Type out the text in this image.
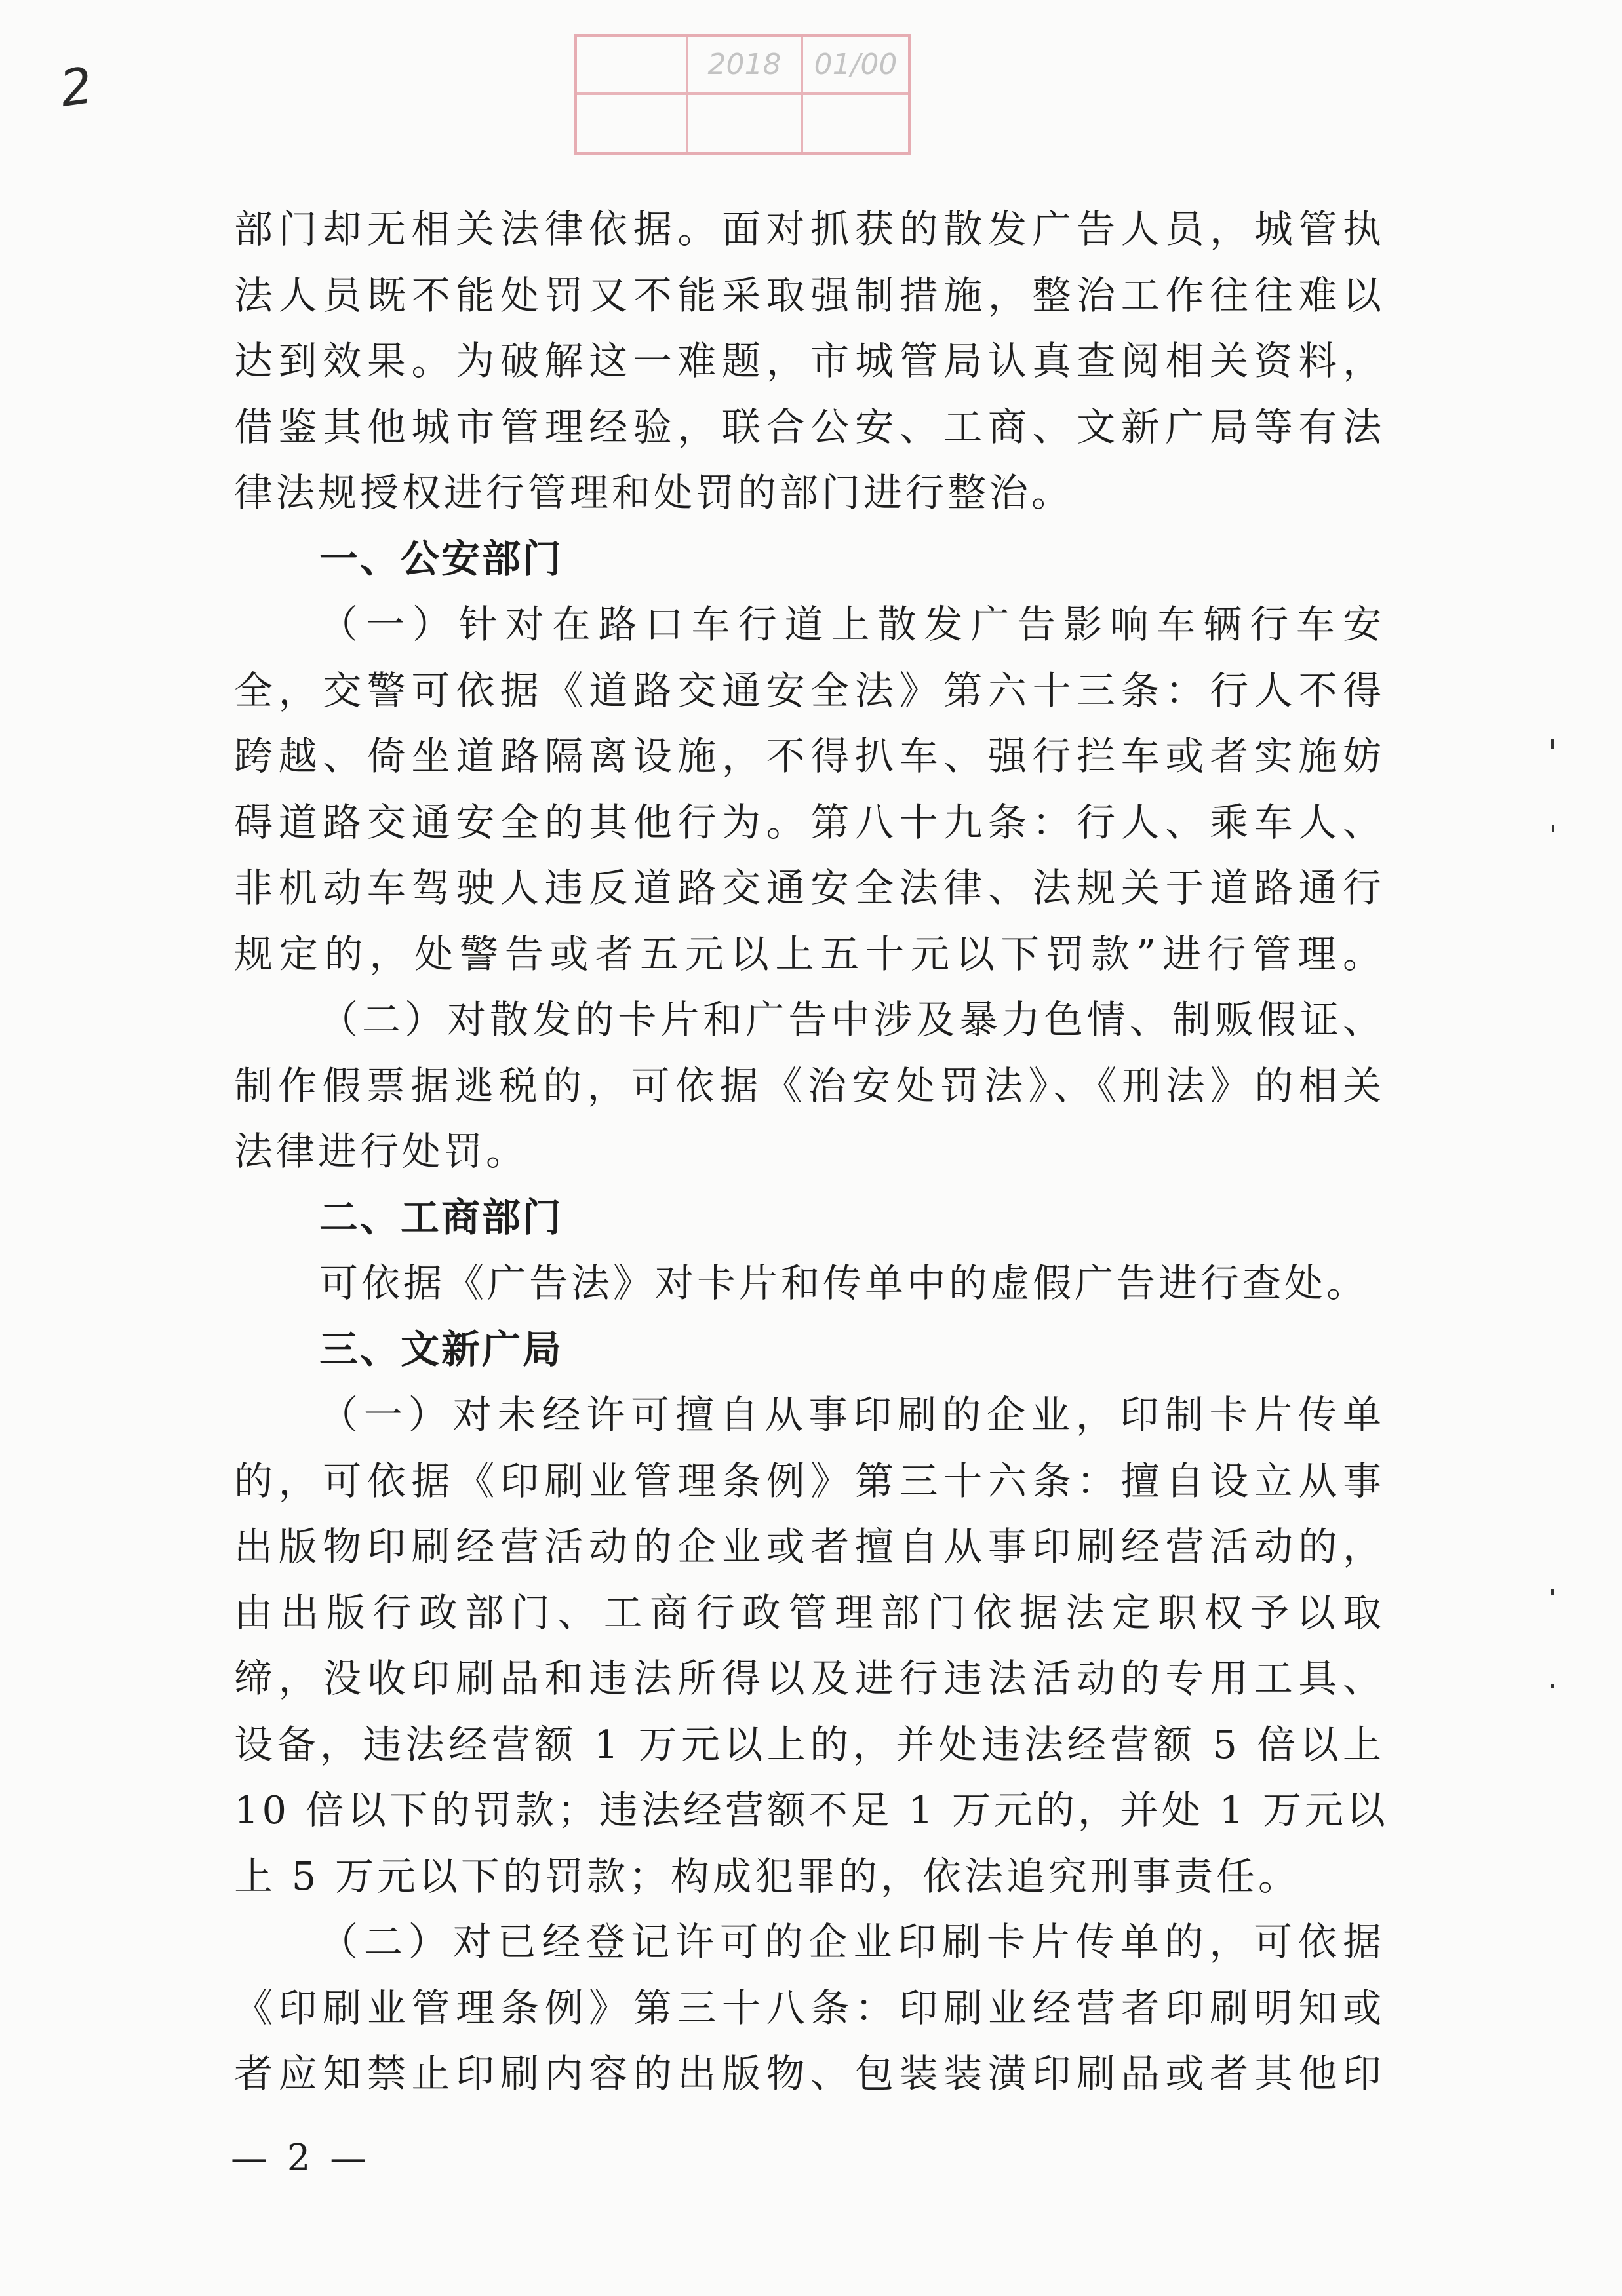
2	2018	01/00
部门却无相关法律依据。面对抓获的散发广告人员，城管执
法人员既不能处罚又不能采取强制措施，整治工作往往难以
达到效果。为破解这一难题，市城管局认真查阅相关资料，
借鉴其他城市管理经验，联合公安、工商、文新广局等有法
律法规授权进行管理和处罚的部门进行整治。
一、公安部门
（一）针对在路口车行道上散发广告影响车辆行车安
全，交警可依据《道路交通安全法》第六十三条：行人不得
跨越、倚坐道路隔离设施，不得扒车、强行拦车或者实施妨
碍道路交通安全的其他行为。第八十九条：行人、乘车人、
非机动车驾驶人违反道路交通安全法律、法规关于道路通行
规定的，处警告或者五元以上五十元以下罚款”进行管理。
（二）对散发的卡片和广告中涉及暴力色情、制贩假证、
制作假票据逃税的，可依据《治安处罚法》、《刑法》的相关
法律进行处罚。
二、工商部门
可依据《广告法》对卡片和传单中的虚假广告进行查处。
三、文新广局
（一）对未经许可擅自从事印刷的企业，印制卡片传单
的，可依据《印刷业管理条例》第三十六条：擅自设立从事
出版物印刷经营活动的企业或者擅自从事印刷经营活动的，
由出版行政部门、工商行政管理部门依据法定职权予以取
缔，没收印刷品和违法所得以及进行违法活动的专用工具、
设备，违法经营额 1 万元以上的，并处违法经营额 5 倍以上
10 倍以下的罚款；违法经营额不足 1 万元的，并处 1 万元以
上 5 万元以下的罚款；构成犯罪的，依法追究刑事责任。
（二）对已经登记许可的企业印刷卡片传单的，可依据
《印刷业管理条例》第三十八条：印刷业经营者印刷明知或
者应知禁止印刷内容的出版物、包装装潢印刷品或者其他印
— 2 —
